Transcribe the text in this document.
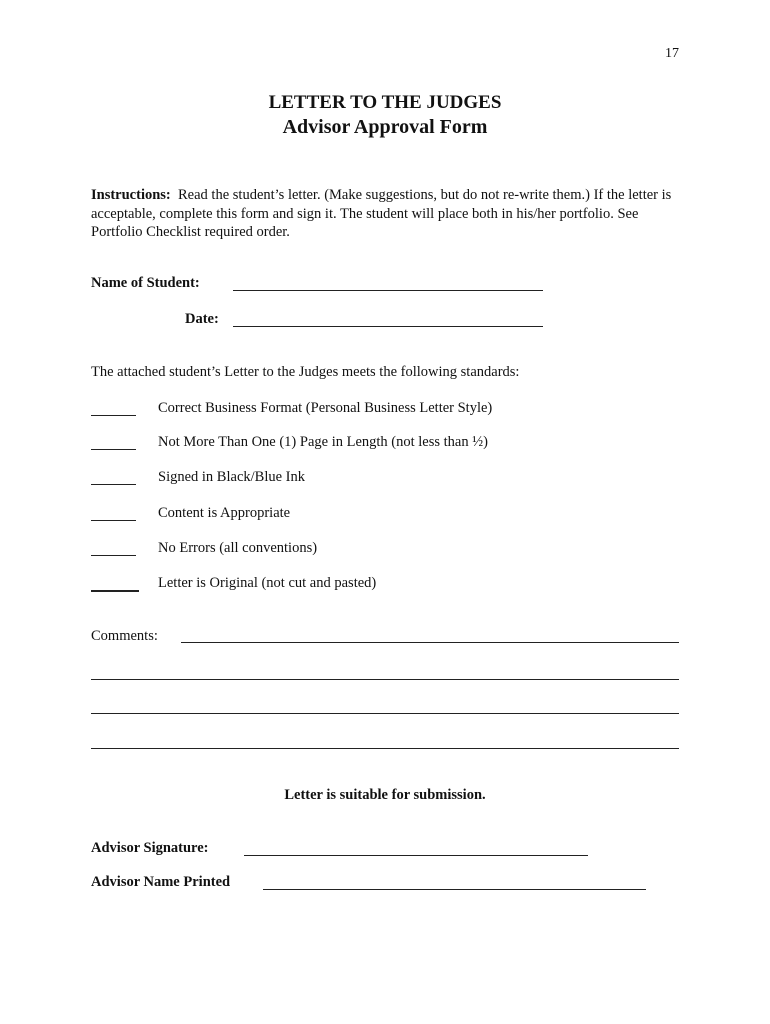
17
LETTER TO THE JUDGES
Advisor Approval Form
Instructions: Read the student’s letter. (Make suggestions, but do not re-write them.) If the letter is acceptable, complete this form and sign it. The student will place both in his/her portfolio. See Portfolio Checklist required order.
Name of Student:
Date:
The attached student’s Letter to the Judges meets the following standards:
Correct Business Format (Personal Business Letter Style)
Not More Than One (1) Page in Length (not less than ½)
Signed in Black/Blue Ink
Content is Appropriate
No Errors (all conventions)
Letter is Original (not cut and pasted)
Comments:
Letter is suitable for submission.
Advisor Signature:
Advisor Name Printed
